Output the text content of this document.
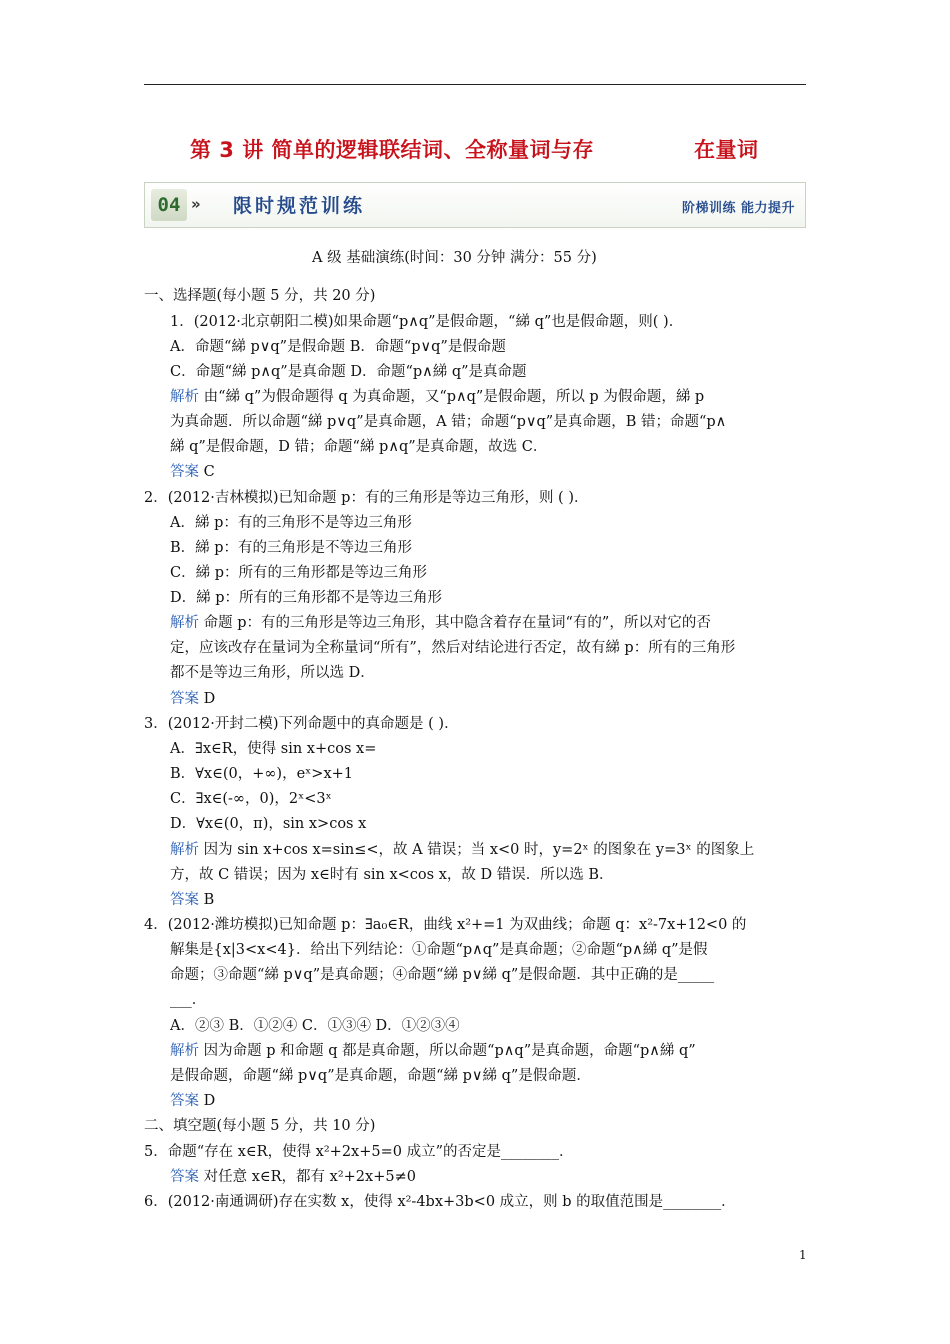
第 3 讲 简单的逻辑联结词、全称量词与存	在量词
04 » 限时规范训练	阶梯训练 能力提升
A 级 基础演练(时间：30 分钟 满分：55 分)
一、选择题(每小题 5 分，共 20 分)
1．(2012·北京朝阳二模)如果命题“p∧q”是假命题，“綈 q”也是假命题，则( )．
A．命题“綈 p∨q”是假命题 B．命题“p∨q”是假命题
C．命题“綈 p∧q”是真命题 D．命题“p∧綈 q”是真命题
解析 由“綈 q”为假命题得 q 为真命题，又“p∧q”是假命题，所以 p 为假命题，綈 p
为真命题．所以命题“綈 p∨q”是真命题，A 错；命题“p∨q”是真命题，B 错；命题“p∧
綈 q”是假命题，D 错；命题“綈 p∧q”是真命题，故选 C．
答案 C
2．(2012·吉林模拟)已知命题 p：有的三角形是等边三角形，则 ( )．
A．綈 p：有的三角形不是等边三角形
B．綈 p：有的三角形是不等边三角形
C．綈 p：所有的三角形都是等边三角形
D．綈 p：所有的三角形都不是等边三角形
解析 命题 p：有的三角形是等边三角形，其中隐含着存在量词“有的”，所以对它的否
定，应该改存在量词为全称量词“所有”，然后对结论进行否定，故有綈 p：所有的三角形
都不是等边三角形，所以选 D．
答案 D
3．(2012·开封二模)下列命题中的真命题是 ( )．
A．∃x∈R，使得 sin x+cos x=
B．∀x∈(0，+∞)，eˣ>x+1
C．∃x∈(-∞，0)，2ˣ<3ˣ
D．∀x∈(0，π)，sin x>cos x
解析 因为 sin x+cos x=sin≤<，故 A 错误；当 x<0 时，y=2ˣ 的图象在 y=3ˣ 的图象上
方，故 C 错误；因为 x∈时有 sin x<cos x，故 D 错误．所以选 B．
答案 B
4．(2012·潍坊模拟)已知命题 p：∃a₀∈R，曲线 x²+=1 为双曲线；命题 q：x²-7x+12<0 的
解集是{x|3<x<4}．给出下列结论：①命题“p∧q”是真命题；②命题“p∧綈 q”是假
命题；③命题“綈 p∨q”是真命题；④命题“綈 p∨綈 q”是假命题．其中正确的是_____
___．
A．②③ B．①②④ C．①③④ D．①②③④
解析 因为命题 p 和命题 q 都是真命题，所以命题“p∧q”是真命题，命题“p∧綈 q”
是假命题，命题“綈 p∨q”是真命题，命题“綈 p∨綈 q”是假命题．
答案 D
二、填空题(每小题 5 分，共 10 分)
5．命题“存在 x∈R，使得 x²+2x+5=0 成立”的否定是________．
答案 对任意 x∈R，都有 x²+2x+5≠0
6．(2012·南通调研)存在实数 x，使得 x²-4bx+3b<0 成立，则 b 的取值范围是________．
1
